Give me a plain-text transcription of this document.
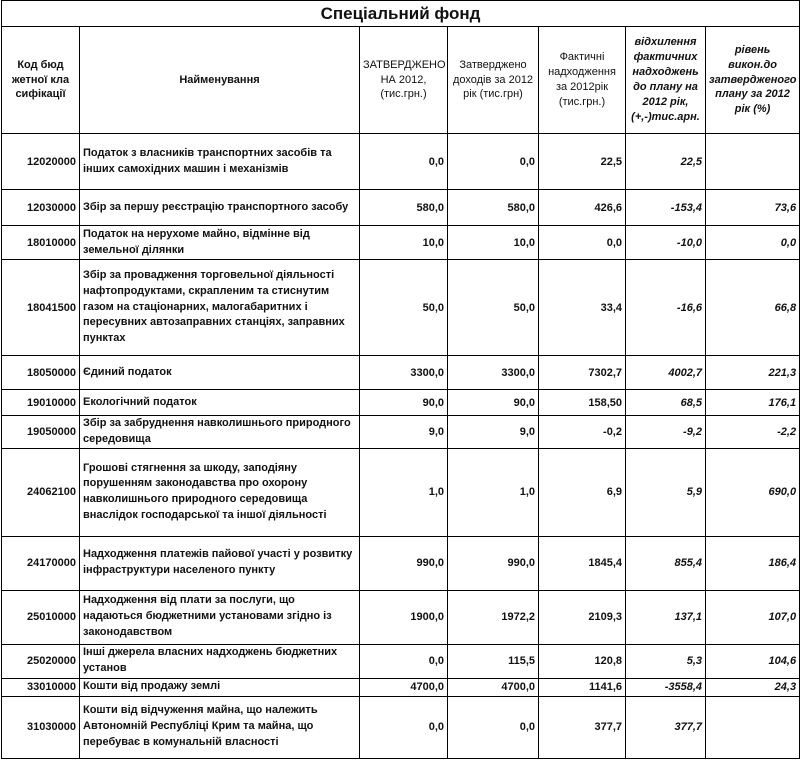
Спеціальний фонд						
Код бюд жетної кла сифікації	Найменування	ЗАТВЕРДЖЕНО НА 2012, (тис.грн.)	Затверджено доходів за 2012 рік (тис.грн)	Фактичні надходження за 2012рік (тис.грн.)	відхилення фактичних надходжень до плану на 2012 рік, (+,-)тис.арн.	рівень викон.до затвердженого плану за 2012 рік (%)
12020000	Податок з власників транспортних засобів та інших самохідних машин і механізмів	0,0	0,0	22,5	22,5	
12030000	Збір за першу реєстрацію транспортного засобу	580,0	580,0	426,6	-153,4	73,6
18010000	Податок на нерухоме майно, відмінне від земельної ділянки	10,0	10,0	0,0	-10,0	0,0
18041500	Збір за провадження торговельної діяльності нафтопродуктами, скрапленим та стиснутим газом на стаціонарних, малогабаритних і пересувних автозаправних станціях, заправних пунктах	50,0	50,0	33,4	-16,6	66,8
18050000	Єдиний податок	3300,0	3300,0	7302,7	4002,7	221,3
19010000	Екологічний податок	90,0	90,0	158,50	68,5	176,1
19050000	Збір за забруднення навколишнього природного середовища	9,0	9,0	-0,2	-9,2	-2,2
24062100	Грошові стягнення за шкоду, заподіяну порушенням законодавства про охорону навколишнього природного середовища внаслідок господарської та іншої діяльності	1,0	1,0	6,9	5,9	690,0
24170000	Надходження платежів пайової участі у розвитку інфраструктури населеного пункту	990,0	990,0	1845,4	855,4	186,4
25010000	Надходження від плати за послуги, що надаються бюджетними установами згідно із законодавством	1900,0	1972,2	2109,3	137,1	107,0
25020000	Інші джерела власних надходжень бюджетних установ	0,0	115,5	120,8	5,3	104,6
33010000	Кошти від продажу землі	4700,0	4700,0	1141,6	-3558,4	24,3
31030000	Кошти від відчуження майна, що належить Автономній Республіці Крим та майна, що перебуває в комунальній власності	0,0	0,0	377,7	377,7	
